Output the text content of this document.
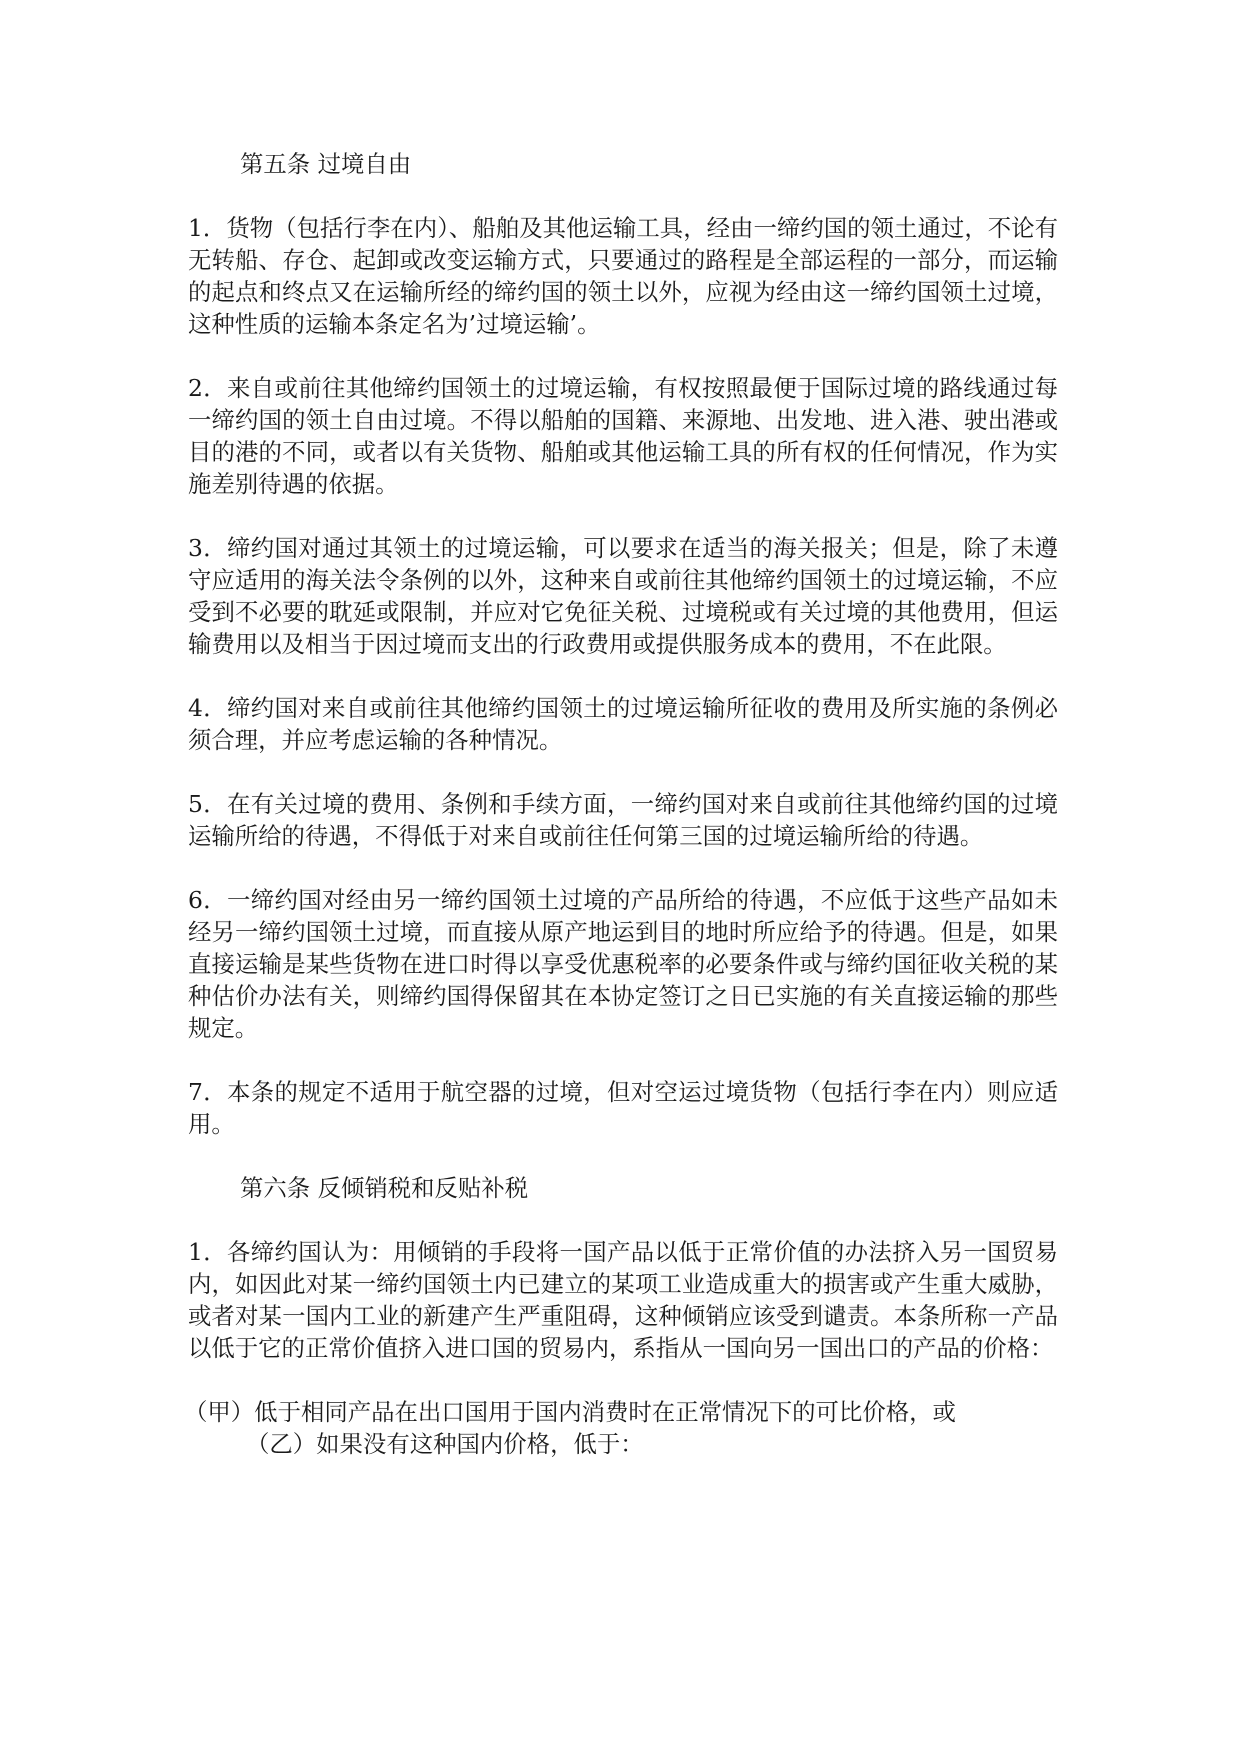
第五条 过境自由

1．货物（包括行李在内）、船舶及其他运输工具，经由一缔约国的领土通过，不论有无转船、存仓、起卸或改变运输方式，只要通过的路程是全部运程的一部分，而运输的起点和终点又在运输所经的缔约国的领土以外，应视为经由这一缔约国领土过境，这种性质的运输本条定名为’过境运输’。

2．来自或前往其他缔约国领土的过境运输，有权按照最便于国际过境的路线通过每一缔约国的领土自由过境。不得以船舶的国籍、来源地、出发地、进入港、驶出港或目的港的不同，或者以有关货物、船舶或其他运输工具的所有权的任何情况，作为实施差别待遇的依据。

3．缔约国对通过其领土的过境运输，可以要求在适当的海关报关；但是，除了未遵守应适用的海关法令条例的以外，这种来自或前往其他缔约国领土的过境运输，不应受到不必要的耽延或限制，并应对它免征关税、过境税或有关过境的其他费用，但运输费用以及相当于因过境而支出的行政费用或提供服务成本的费用，不在此限。

4．缔约国对来自或前往其他缔约国领土的过境运输所征收的费用及所实施的条例必须合理，并应考虑运输的各种情况。

5．在有关过境的费用、条例和手续方面，一缔约国对来自或前往其他缔约国的过境运输所给的待遇，不得低于对来自或前往任何第三国的过境运输所给的待遇。

6．一缔约国对经由另一缔约国领土过境的产品所给的待遇，不应低于这些产品如未经另一缔约国领土过境，而直接从原产地运到目的地时所应给予的待遇。但是，如果直接运输是某些货物在进口时得以享受优惠税率的必要条件或与缔约国征收关税的某种估价办法有关，则缔约国得保留其在本协定签订之日已实施的有关直接运输的那些规定。

7．本条的规定不适用于航空器的过境，但对空运过境货物（包括行李在内）则应适用。

第六条 反倾销税和反贴补税

1．各缔约国认为：用倾销的手段将一国产品以低于正常价值的办法挤入另一国贸易内，如因此对某一缔约国领土内已建立的某项工业造成重大的损害或产生重大威胁，或者对某一国内工业的新建产生严重阻碍，这种倾销应该受到谴责。本条所称一产品以低于它的正常价值挤入进口国的贸易内，系指从一国向另一国出口的产品的价格：

（甲）低于相同产品在出口国用于国内消费时在正常情况下的可比价格，或

（乙）如果没有这种国内价格，低于：
